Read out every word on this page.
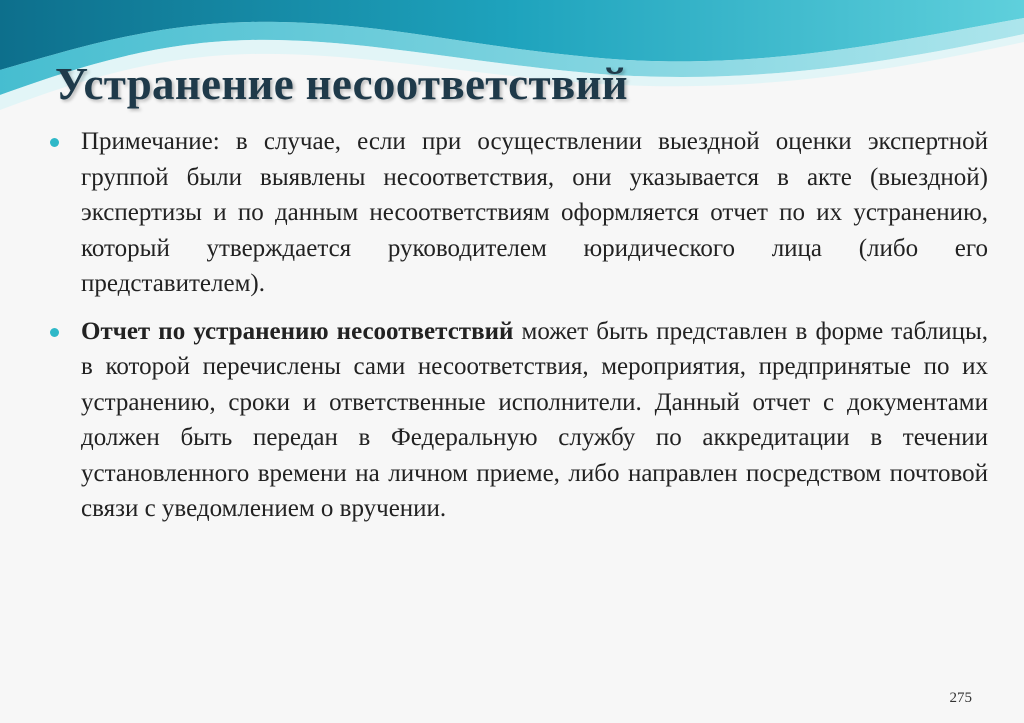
Устранение несоответствий
Примечание: в случае, если при осуществлении выездной оценки экспертной группой были выявлены несоответствия, они указывается в акте (выездной) экспертизы и по данным несоответствиям оформляется отчет по их устранению, который утверждается руководителем юридического лица (либо его представителем).
Отчет по устранению несоответствий может быть представлен в форме таблицы, в которой перечислены сами несоответствия, мероприятия, предпринятые по их устранению, сроки и ответственные исполнители. Данный отчет с документами должен быть передан в Федеральную службу по аккредитации в течении установленного времени на личном приеме, либо направлен посредством почтовой связи с уведомлением о вручении.
275
